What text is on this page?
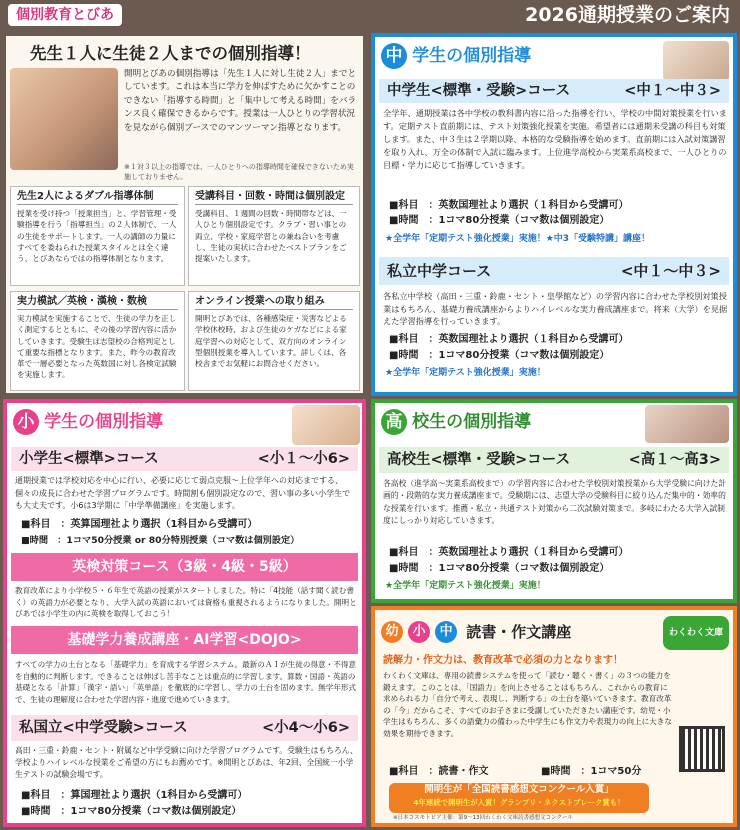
個別教育とびあ	2026通期授業のご案内
先生１人に生徒２人までの個別指導！
開明とびあの個別指導は「先生１人に対し生徒２人」までとしています。これは本当に学力を伸ばすために欠かすことのできない「指導する時間」と「集中して考える時間」をバランス良く確保できるからです。授業は一人ひとりの学習状況を見ながら個別ブースでのマンツーマン指導となります。
※１対３以上の指導では、一人ひとりへの指導時間を確保できないため実施しておりません。
先生2人によるダブル指導体制
授業を受け持つ「授業担当」と、学習管理・受験指導を行う「指導担当」の２人体制で、一人の生徒をサポートします。一人の講師の力量にすべてを委ねられた授業スタイルとは全く違う、とびあならではの指導体制となります。
受講科目・回数・時間は個別設定
受講科目、１週間の回数・時間帯などは、一人ひとり個別設定です。クラブ・習い事との両立、学校・家庭学習との兼ね合いを考慮し、生徒の実状に合わせたベストプランをご提案いたします。
実力模試／英検・漢検・数検
実力模試を実施することで、生徒の学力を正しく測定するとともに、その後の学習内容に活かしていきます。受験生は志望校の合格判定として重要な指標となります。また、昨今の教育改革で一層必要となった英数国に対し各検定試験を実施します。
オンライン授業への取り組み
開明とびあでは、各種感染症・災害などよる学校休校時、および生徒のケガなどによる家庭学習への対応として、双方向のオンライン型個別授業を導入しています。詳しくは、各校舎までお気軽にお問合せください。
中 学生の個別指導
中学生<標準・受験>コース	<中１～中３>
全学年、通期授業は各中学校の教科書内容に沿った指導を行い、学校の中間対策授業を行います。定期テスト直前期には、テスト対策強化授業を実施。希望者には通期未受講の科目も対策します。また、中３生は２学期以降、本格的な受験指導を始めます。直前期には入試対策講習を取り入れ、万全の体制で入試に臨みます。上位進学高校から実業系高校まで、一人ひとりの目標・学力に応じて指導していきます。
■科目　：英数国理社より選択（１科目から受講可）
■時間　：1コマ80分授業（コマ数は個別設定）
★全学年「定期テスト強化授業」実施！★中3「受験特講」講座！
私立中学コース	<中１～中３>
各私立中学校（高田・三重・鈴鹿・セント・皇學館など）の学習内容に合わせた学校別対策授業はもちろん、基礎力養成講座からよりハイレベルな実力養成講座まで。将来（大学）を見据えた学習指導を行っていきます。
■科目　：英数国理社より選択（１科目から受講可）
■時間　：1コマ80分授業（コマ数は個別設定）
★全学年「定期テスト強化授業」実施！
小 学生の個別指導
小学生<標準>コース	<小１～小6>
通期授業では学校対応を中心に行い、必要に応じて弱点克服～上位学年への対応までする、個々の成長に合わせた学習プログラムです。時間割も個別設定なので、習い事の多い小学生でも大丈夫です。小6は3学期に「中学準備講座」を実施します。
■科目　：英算国理社より選択（1科目から受講可）
■時間　：1コマ50分授業 or 80分特別授業（コマ数は個別設定）
英検対策コース（3級・4級・5級）
教育改革により小学校５・６年生で英語の授業がスタートしました。特に「4技能（話す聞く読む書く）の英語力が必要となり、大学入試の英語においては資格も重視されるようになりました。開明とびあでは小学生の内に英検を取得しておこう！
基礎学力養成講座・AI学習<DOJO>
すべての学力の土台となる「基礎学力」を育成する学習システム。最新のＡＩが生徒の得意・不得意を自動的に判断します。できることは伸ばし苦手なことは重点的に学習します。算数・国語・英語の基礎となる「計算」「漢字・語い」「英単語」を徹底的に学習し、学力の土台を固めます。無学年形式で、生徒の理解度に合わせた学習内容・進度で進めていきます。
私国立<中学受験>コース	<小4～小6>
高田・三重・鈴鹿・セント・附属など中学受験に向けた学習プログラムです。受験生はもちろん、学校よりハイレベルな授業をご希望の方にもお薦めです。※開明とびあは、年2回、全国統一小学生テストの試験会場です。
■科目　：算国理社より選択（1科目から受講可）
■時間　：1コマ80分授業（コマ数は個別設定）
高 校生の個別指導
高校生<標準・受験>コース	<高１～高3>
各高校（進学高～実業系高校まで）の学習内容に合わせた学校別対策授業から大学受験に向けた計画的・段階的な実力養成講座まで。受験期には、志望大学の受験科目に絞り込んだ集中的・効率的な授業を行います。推薦・私立・共通テスト対策から二次試験対策まで。多岐にわたる大学入試制度にしっかり対応していきます。
■科目　：英数国理社より選択（１科目から受講可）
■時間　：1コマ80分授業（コマ数は個別設定）
★全学年「定期テスト強化授業」実施！
幼 小 中 読書・作文講座	わくわく文庫
読解力・作文力は、教育改革で必須の力となります！
わくわく文庫は、専用の読書システムを使って「読む・聴く・書く」の３つの能力を鍛えます。このことは、「国語力」を向上させることはもちろん、これからの教育に求められる力「自分で考え、表現し、判断する」の土台を築いていきます。教育改革の「今」だからこそ、すべてのお子さまに受講していただきたい講座です。幼児・小学生はもちろん、多くの語彙力の備わった中学生にも作文力や表現力の向上に大きな効果を期待できます。
■科目　：読書・作文	■時間　：1コマ50分
開明生が「全国読書感想文コンクール入賞」
4年連続で開明生が入賞！グランプリ・ネクストブレーク賞も！
※日本コスモトピア主催：第9～13回わくわく文庫読書感想文コンクール
